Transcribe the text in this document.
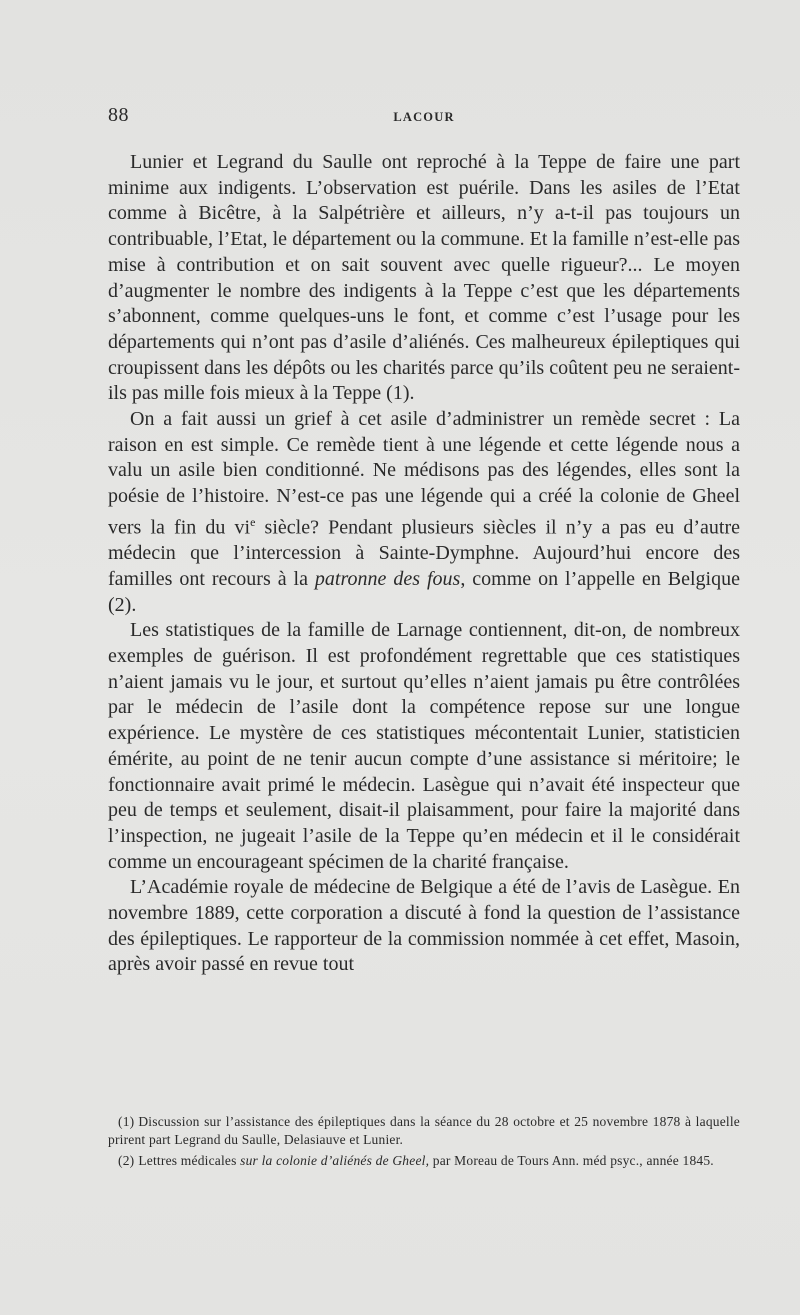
88	LACOUR

Lunier et Legrand du Saulle ont reproché à la Teppe de faire une part minime aux indigents. L’observation est puérile. Dans les asiles de l’Etat comme à Bicêtre, à la Salpétrière et ailleurs, n’y a-t-il pas toujours un contribuable, l’Etat, le département ou la commune. Et la famille n’est-elle pas mise à contribution et on sait souvent avec quelle rigueur?... Le moyen d’augmenter le nombre des indigents à la Teppe c’est que les départements s’abonnent, comme quelques-uns le font, et comme c’est l’usage pour les départements qui n’ont pas d’asile d’aliénés. Ces malheureux épileptiques qui croupissent dans les dépôts ou les charités parce qu’ils coûtent peu ne seraient-ils pas mille fois mieux à la Teppe (1).

On a fait aussi un grief à cet asile d’administrer un remède secret : La raison en est simple. Ce remède tient à une légende et cette légende nous a valu un asile bien conditionné. Ne médisons pas des légendes, elles sont la poésie de l’histoire. N’est-ce pas une légende qui a créé la colonie de Gheel vers la fin du $vi^e$ siècle? Pendant plusieurs siècles il n’y a pas eu d’autre médecin que l’intercession à Sainte-Dymphne. Aujourd’hui encore des familles ont recours à la patronne des fous, comme on l’appelle en Belgique (2).

Les statistiques de la famille de Larnage contiennent, dit-on, de nombreux exemples de guérison. Il est profondément regrettable que ces statistiques n’aient jamais vu le jour, et surtout qu’elles n’aient jamais pu être contrôlées par le médecin de l’asile dont la compétence repose sur une longue expérience. Le mystère de ces statistiques mécontentait Lunier, statisticien émérite, au point de ne tenir aucun compte d’une assistance si méritoire; le fonctionnaire avait primé le médecin. Lasègue qui n’avait été inspecteur que peu de temps et seulement, disait-il plaisamment, pour faire la majorité dans l’inspection, ne jugeait l’asile de la Teppe qu’en médecin et il le considérait comme un encourageant spécimen de la charité française.

L’Académie royale de médecine de Belgique a été de l’avis de Lasègue. En novembre 1889, cette corporation a discuté à fond la question de l’assistance des épileptiques. Le rapporteur de la commission nommée à cet effet, Masoin, après avoir passé en revue tout

(1) Discussion sur l’assistance des épileptiques dans la séance du 28 octobre et 25 novembre 1878 à laquelle prirent part Legrand du Saulle, Delasiauve et Lunier.

(2) Lettres médicales sur la colonie d’aliénés de Gheel, par Moreau de Tours Ann. méd psyc., année 1845.
